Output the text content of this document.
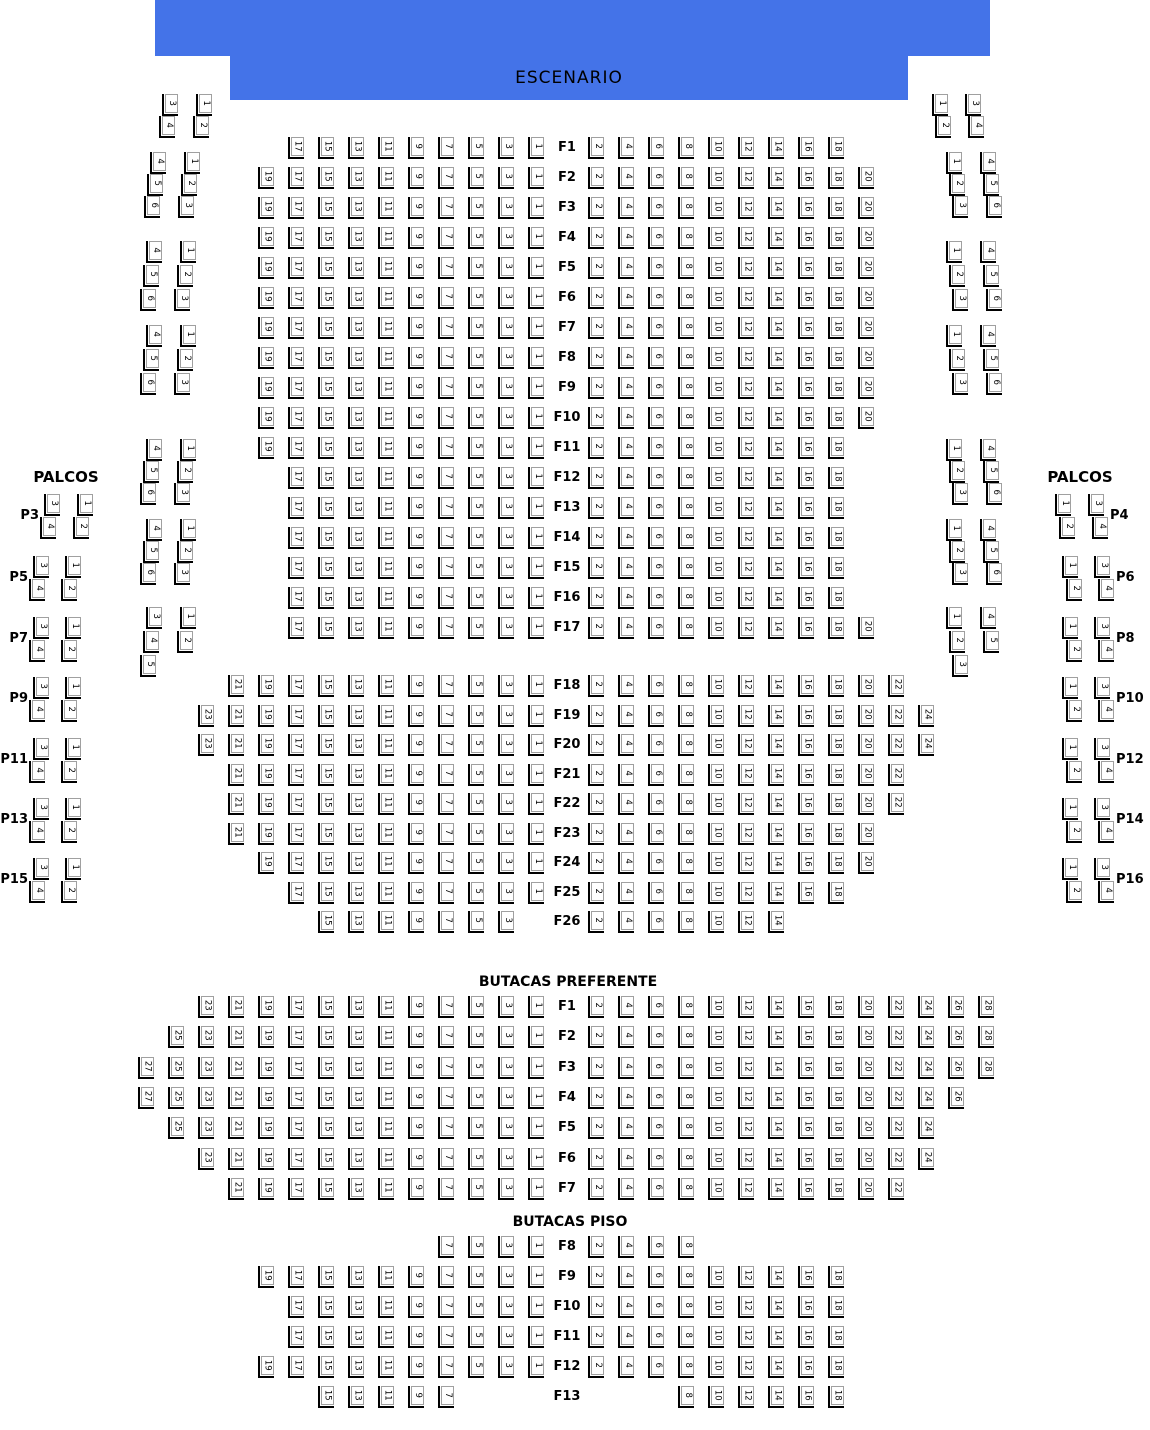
ESCENARIO
PALCOS	PALCOS
BUTACAS PREFERENTE
BUTACAS PISO
17 15 13 11 9 7 5 3 1	2 4 6 8 10 12 14 16 18
F1
19 17 15 13 11 9 7 5 3 1	2 4 6 8 10 12 14 16 18 20
F2
19 17 15 13 11 9 7 5 3 1	2 4 6 8 10 12 14 16 18 20
F3
19 17 15 13 11 9 7 5 3 1	2 4 6 8 10 12 14 16 18 20
F4
19 17 15 13 11 9 7 5 3 1	2 4 6 8 10 12 14 16 18 20
F5
19 17 15 13 11 9 7 5 3 1	2 4 6 8 10 12 14 16 18 20
F6
19 17 15 13 11 9 7 5 3 1	2 4 6 8 10 12 14 16 18 20
F7
19 17 15 13 11 9 7 5 3 1	2 4 6 8 10 12 14 16 18 20
F8
19 17 15 13 11 9 7 5 3 1	2 4 6 8 10 12 14 16 18 20
F9
19 17 15 13 11 9 7 5 3 1	2 4 6 8 10 12 14 16 18 20
F10
19 17 15 13 11 9 7 5 3 1	2 4 6 8 10 12 14 16 18
F11
17 15 13 11 9 7 5 3 1	2 4 6 8 10 12 14 16 18
F12
17 15 13 11 9 7 5 3 1	2 4 6 8 10 12 14 16 18
F13
17 15 13 11 9 7 5 3 1	2 4 6 8 10 12 14 16 18
F14
17 15 13 11 9 7 5 3 1	2 4 6 8 10 12 14 16 18
F15
17 15 13 11 9 7 5 3 1	2 4 6 8 10 12 14 16 18
F16
17 15 13 11 9 7 5 3 1	2 4 6 8 10 12 14 16 18 20
F17
21 19 17 15 13 11 9 7 5 3 1	2 4 6 8 10 12 14 16 18 20 22
F18
23 21 19 17 15 13 11 9 7 5 3 1	2 4 6 8 10 12 14 16 18 20 22 24
F19
23 21 19 17 15 13 11 9 7 5 3 1	2 4 6 8 10 12 14 16 18 20 22 24
F20
21 19 17 15 13 11 9 7 5 3 1	2 4 6 8 10 12 14 16 18 20 22
F21
21 19 17 15 13 11 9 7 5 3 1	2 4 6 8 10 12 14 16 18 20 22
F22
21 19 17 15 13 11 9 7 5 3 1	2 4 6 8 10 12 14 16 18 20
F23
19 17 15 13 11 9 7 5 3 1	2 4 6 8 10 12 14 16 18 20
F24
17 15 13 11 9 7 5 3 1	2 4 6 8 10 12 14 16 18
F25
15 13 11 9 7 5 3	2 4 6 8 10 12 14
F26
23 21 19 17 15 13 11 9 7 5 3 1	2 4 6 8 10 12 14 16 18 20 22 24 26 28
F1
25 23 21 19 17 15 13 11 9 7 5 3 1	2 4 6 8 10 12 14 16 18 20 22 24 26 28
F2
27 25 23 21 19 17 15 13 11 9 7 5 3 1	2 4 6 8 10 12 14 16 18 20 22 24 26 28
F3
27 25 23 21 19 17 15 13 11 9 7 5 3 1	2 4 6 8 10 12 14 16 18 20 22 24 26
F4
25 23 21 19 17 15 13 11 9 7 5 3 1	2 4 6 8 10 12 14 16 18 20 22 24
F5
23 21 19 17 15 13 11 9 7 5 3 1	2 4 6 8 10 12 14 16 18 20 22 24
F6
21 19 17 15 13 11 9 7 5 3 1	2 4 6 8 10 12 14 16 18 20 22
F7
7 5 3 1	2 4 6 8
F8
19 17 15 13 11 9 7 5 3 1	2 4 6 8 10 12 14 16 18
F9
17 15 13 11 9 7 5 3 1	2 4 6 8 10 12 14 16 18
F10
17 15 13 11 9 7 5 3 1	2 4 6 8 10 12 14 16 18
F11
19 17 15 13 11 9 7 5 3 1	2 4 6 8 10 12 14 16 18
F12
15 13 11 9 7	8 10 12 14 16 18
F13
3	1
4	2
4	1
5	2
6	3
4	1
5	2
6	3
4	1
5	2
6	3
4	1
5	2
6	3
4	1
5	2
6	3
3	1
4	2
5
1	3
2	4
1	4
2	5
3	6
1	4
2	5
3	6
1	4
2	5
3	6
1	4
2	5
3	6
1	4
2	5
3	6
1	4
2	5
3
3	1
4	2
P3
3	1
4	2
P5
3	1
4	2
P7
3	1
4	2
P9
3	1
4	2
P11
3	1
4	2
P13
3	1
4	2
P15
1	3
2	4
P4
1	3
2	4
P6
1	3
2	4
P8
1	3
2	4
P10
1	3
2	4
P12
1	3
2	4
P14
1	3
2	4
P16
